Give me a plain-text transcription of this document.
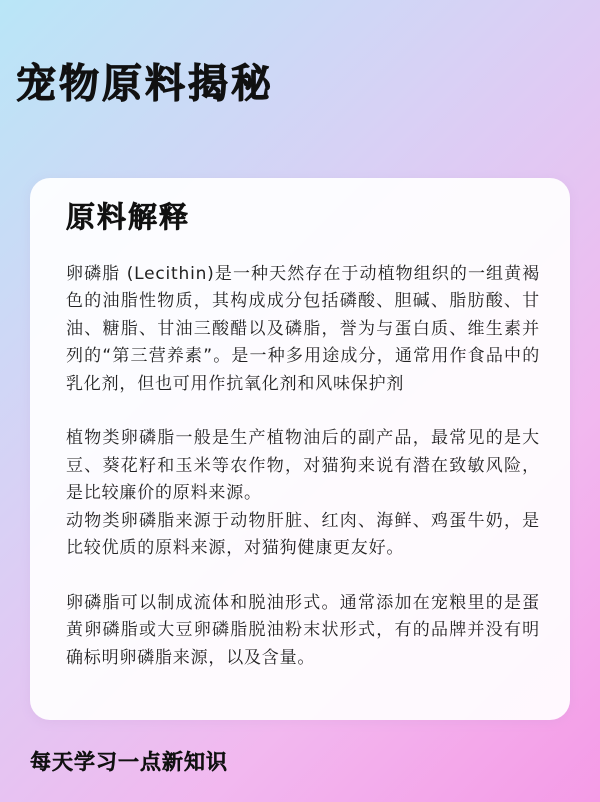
宠物原料揭秘
原料解释

卵磷脂 (Lecithin)是一种天然存在于动植物组织的一组黄褐色的油脂性物质，其构成成分包括磷酸、胆碱、脂肪酸、甘油、糖脂、甘油三酸醋以及磷脂，誉为与蛋白质、维生素并列的“第三营养素”。是一种多用途成分，通常用作食品中的乳化剂，但也可用作抗氧化剂和风味保护剂

植物类卵磷脂一般是生产植物油后的副产品，最常见的是大豆、葵花籽和玉米等农作物，对猫狗来说有潜在致敏风险，是比较廉价的原料来源。

动物类卵磷脂来源于动物肝脏、红肉、海鲜、鸡蛋牛奶，是比较优质的原料来源，对猫狗健康更友好。

卵磷脂可以制成流体和脱油形式。通常添加在宠粮里的是蛋黄卵磷脂或大豆卵磷脂脱油粉末状形式，有的品牌并没有明确标明卵磷脂来源，以及含量。

每天学习一点新知识
